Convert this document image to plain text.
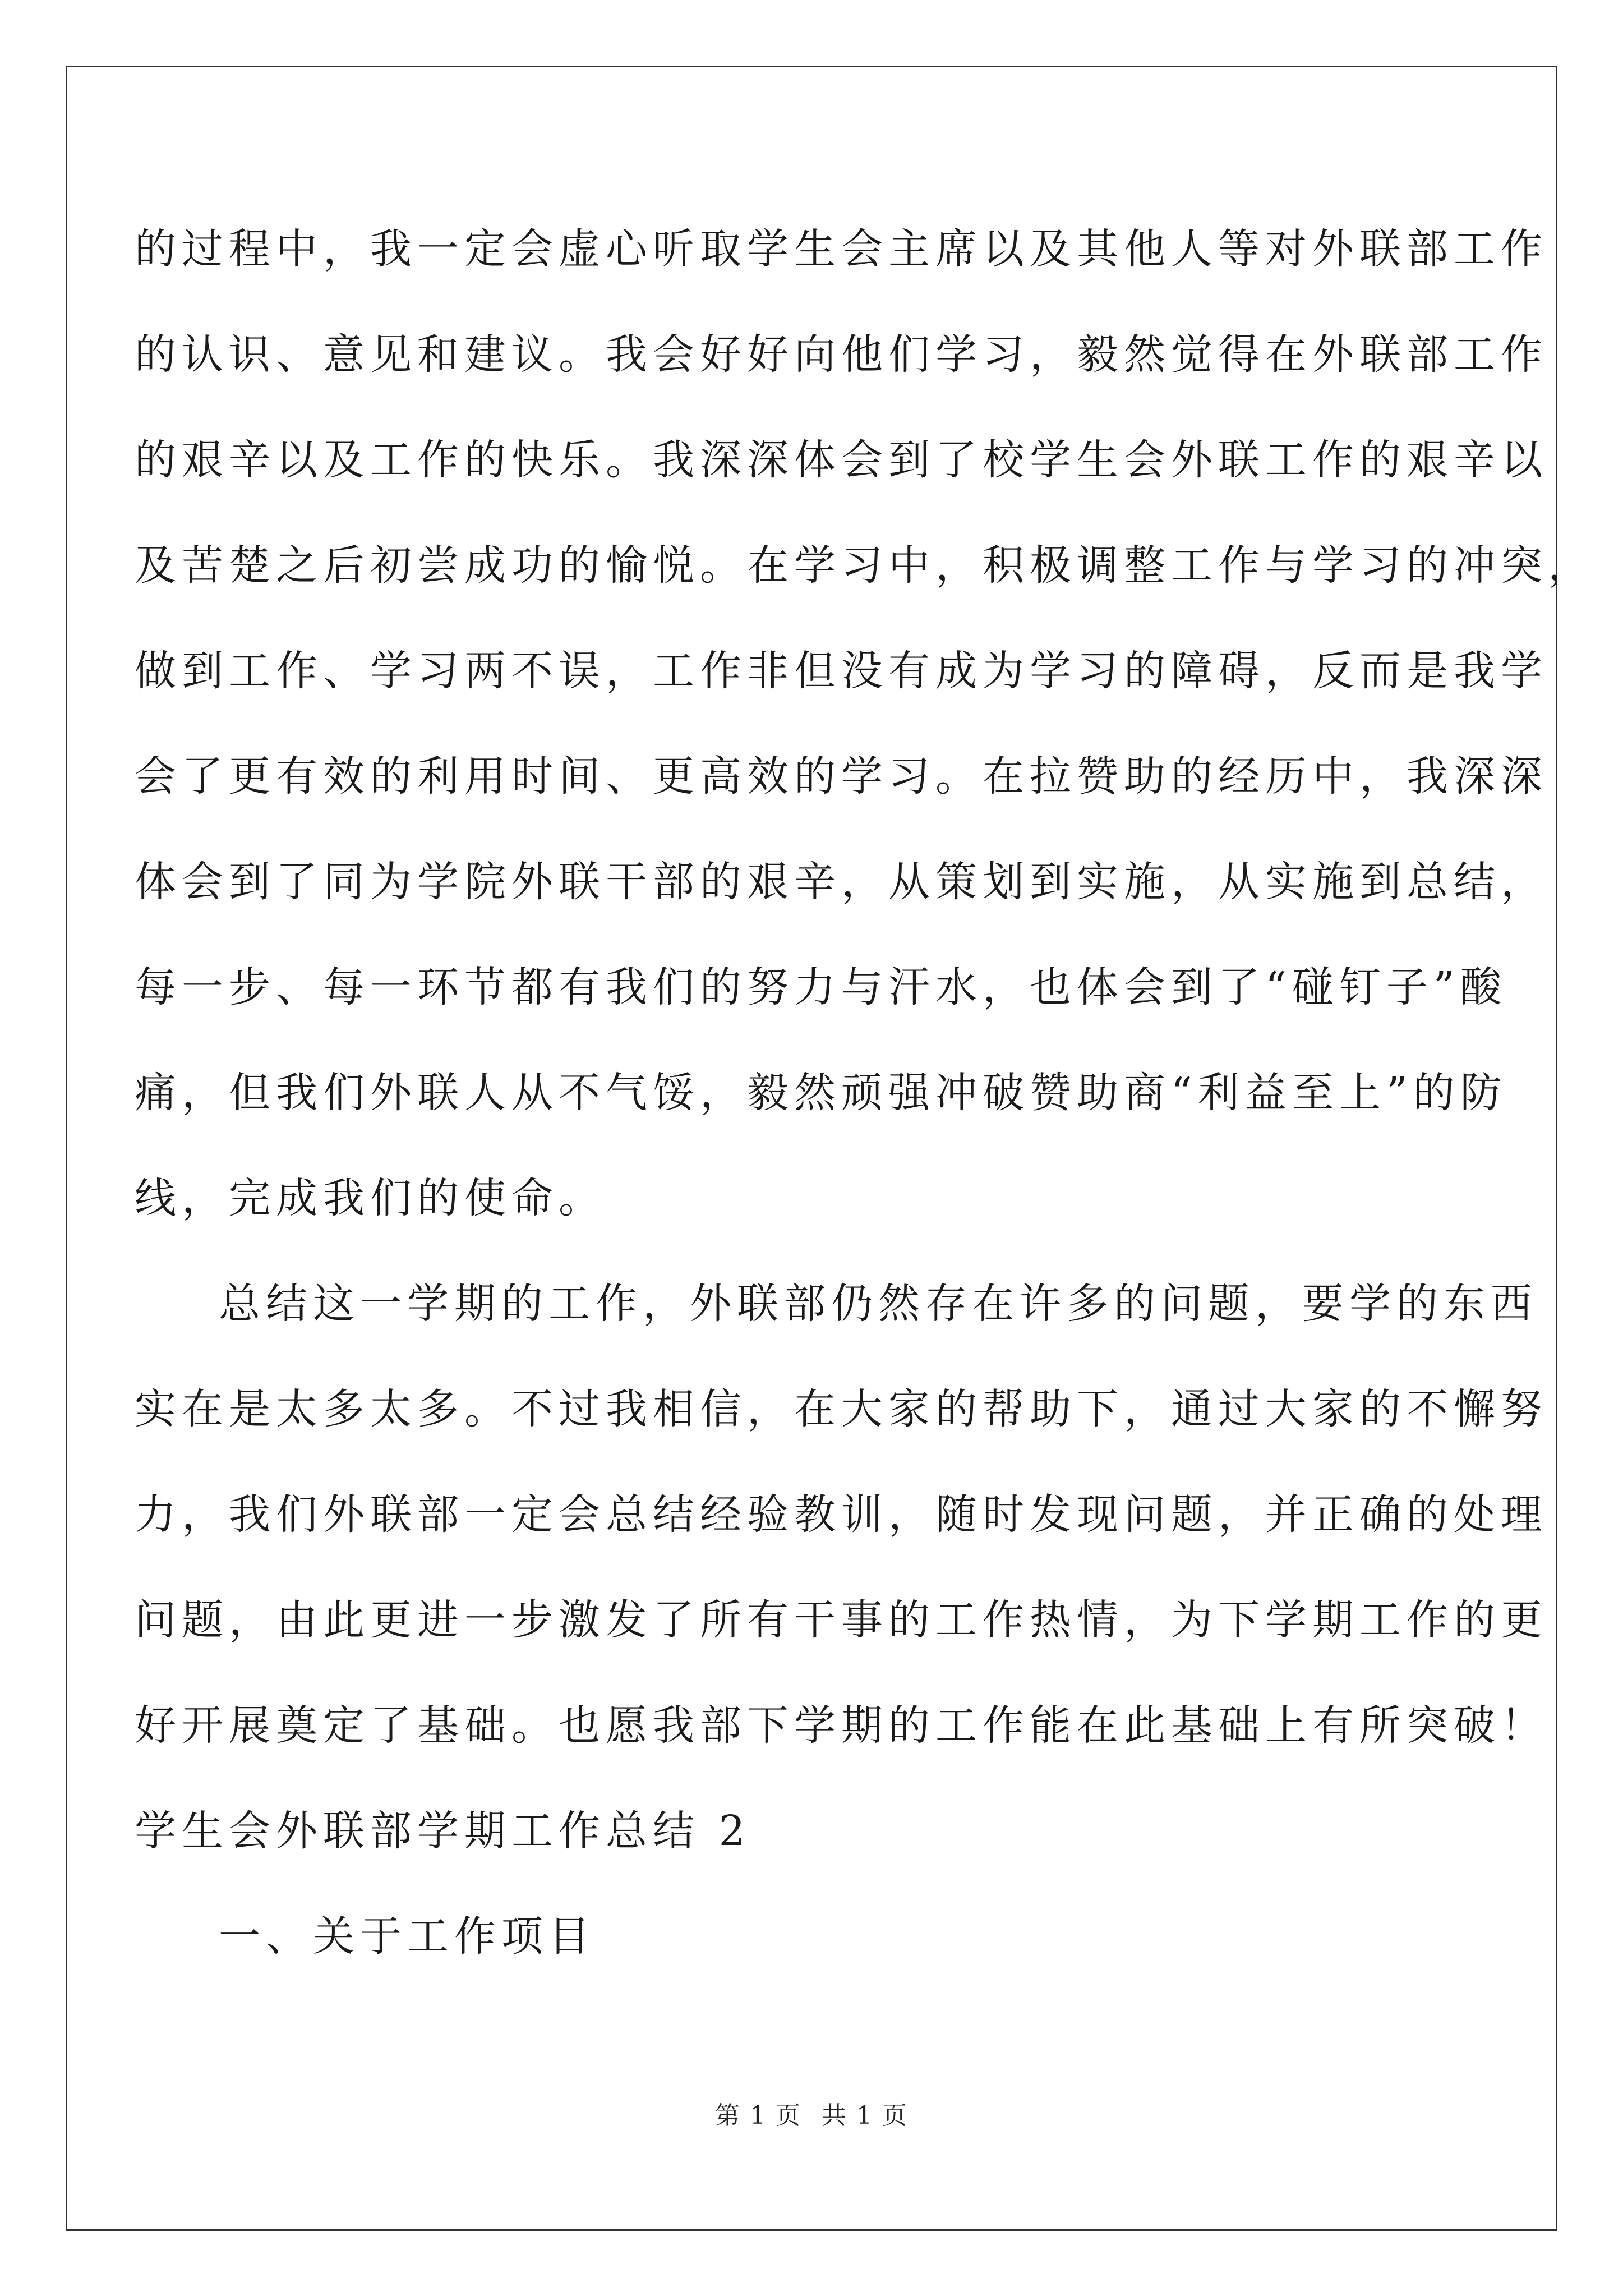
的过程中，我一定会虚心听取学生会主席以及其他人等对外联部工作
的认识、意见和建议。我会好好向他们学习，毅然觉得在外联部工作
的艰辛以及工作的快乐。我深深体会到了校学生会外联工作的艰辛以
及苦楚之后初尝成功的愉悦。在学习中，积极调整工作与学习的冲突，
做到工作、学习两不误，工作非但没有成为学习的障碍，反而是我学
会了更有效的利用时间、更高效的学习。在拉赞助的经历中，我深深
体会到了同为学院外联干部的艰辛，从策划到实施，从实施到总结，
每一步、每一环节都有我们的努力与汗水，也体会到了“碰钉子”酸
痛，但我们外联人从不气馁，毅然顽强冲破赞助商“利益至上”的防
线，完成我们的使命。
总结这一学期的工作，外联部仍然存在许多的问题，要学的东西
实在是太多太多。不过我相信，在大家的帮助下，通过大家的不懈努
力，我们外联部一定会总结经验教训，随时发现问题，并正确的处理
问题，由此更进一步激发了所有干事的工作热情，为下学期工作的更
好开展奠定了基础。也愿我部下学期的工作能在此基础上有所突破！
学生会外联部学期工作总结 2
一、关于工作项目
第 1 页 共 1 页
